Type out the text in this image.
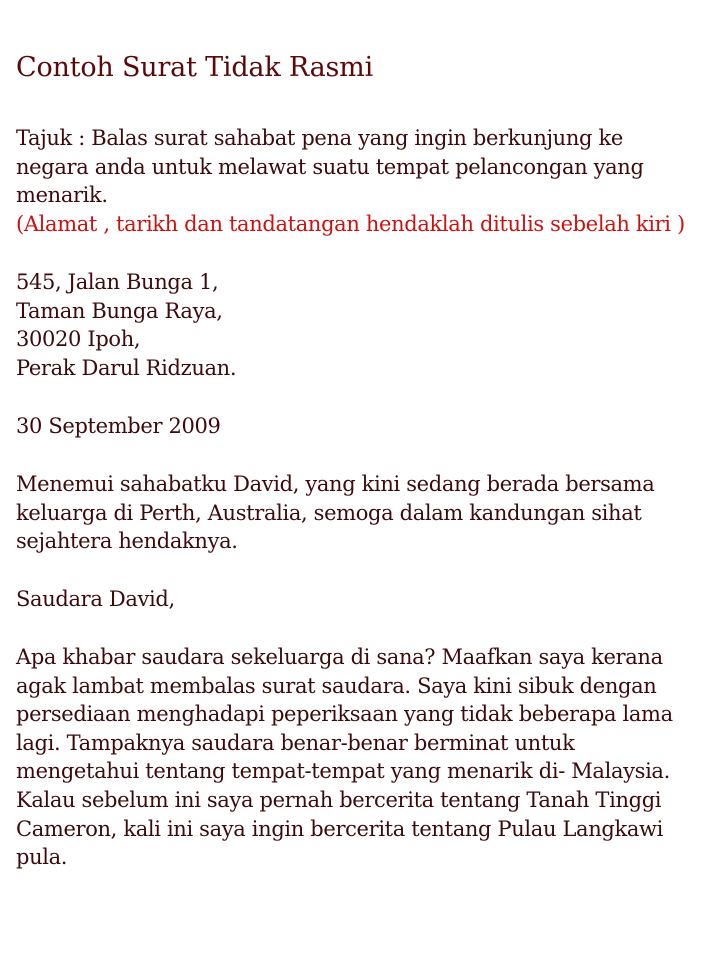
Contoh Surat Tidak Rasmi
Tajuk : Balas surat sahabat pena yang ingin berkunjung ke
negara anda untuk melawat suatu tempat pelancongan yang
menarik.
(Alamat , tarikh dan tandatangan hendaklah ditulis sebelah kiri )
545, Jalan Bunga 1,
Taman Bunga Raya,
30020 Ipoh,
Perak Darul Ridzuan.
30 September 2009
Menemui sahabatku David, yang kini sedang berada bersama
keluarga di Perth, Australia, semoga dalam kandungan sihat
sejahtera hendaknya.
Saudara David,
Apa khabar saudara sekeluarga di sana? Maafkan saya kerana
agak lambat membalas surat saudara. Saya kini sibuk dengan
persediaan menghadapi peperiksaan yang tidak beberapa lama
lagi. Tampaknya saudara benar-benar berminat untuk
mengetahui tentang tempat-tempat yang menarik di- Malaysia.
Kalau sebelum ini saya pernah bercerita tentang Tanah Tinggi
Cameron, kali ini saya ingin bercerita tentang Pulau Langkawi
pula.
